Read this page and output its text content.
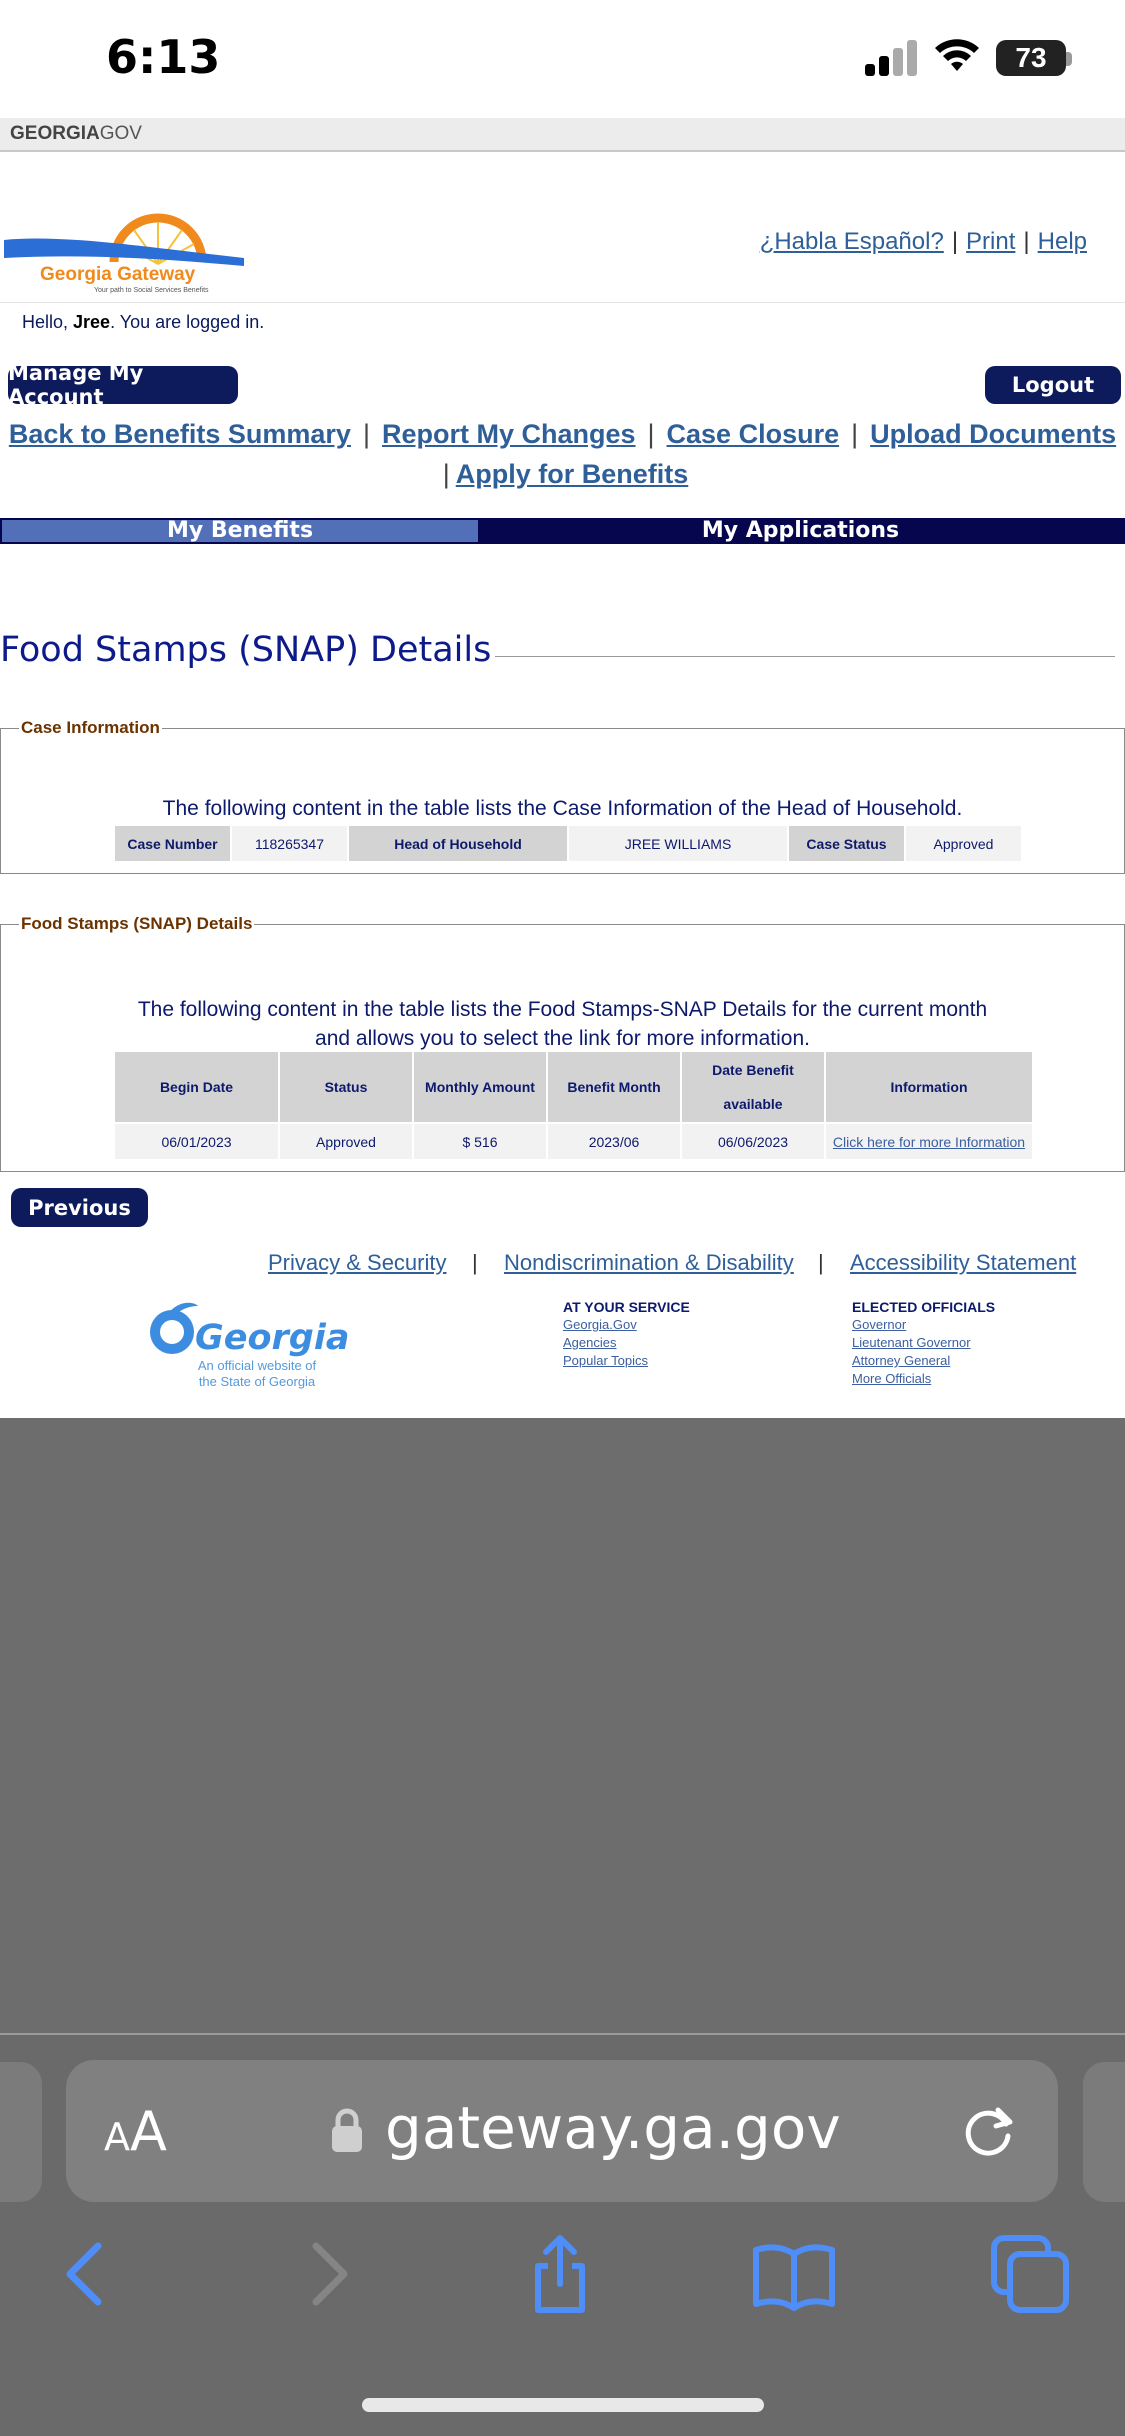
6:13	73
GEORGIAGOV
Georgia Gateway
Your path to Social Services Benefits
¿Habla Español? | Print | Help
Hello, Jree. You are logged in.
Manage My Account	Logout
Back to Benefits Summary | Report My Changes | Case Closure | Upload Documents
| Apply for Benefits
My Benefits	My Applications
Food Stamps (SNAP) Details
Case Information
The following content in the table lists the Case Information of the Head of Household.
Case Number	118265347	Head of Household	JREE WILLIAMS	Case Status	Approved
Food Stamps (SNAP) Details
The following content in the table lists the Food Stamps-SNAP Details for the current month
and allows you to select the link for more information.
Begin Date	Status	Monthly Amount	Benefit Month	Date Benefit available	Information
06/01/2023	Approved	$ 516	2023/06	06/06/2023	Click here for more Information
Previous
Privacy & Security | Nondiscrimination & Disability | Accessibility Statement
Georgia
An official website of
the State of Georgia
AT YOUR SERVICE
Georgia.Gov
Agencies
Popular Topics
ELECTED OFFICIALS
Governor
Lieutenant Governor
Attorney General
More Officials
AA	gateway.ga.gov
